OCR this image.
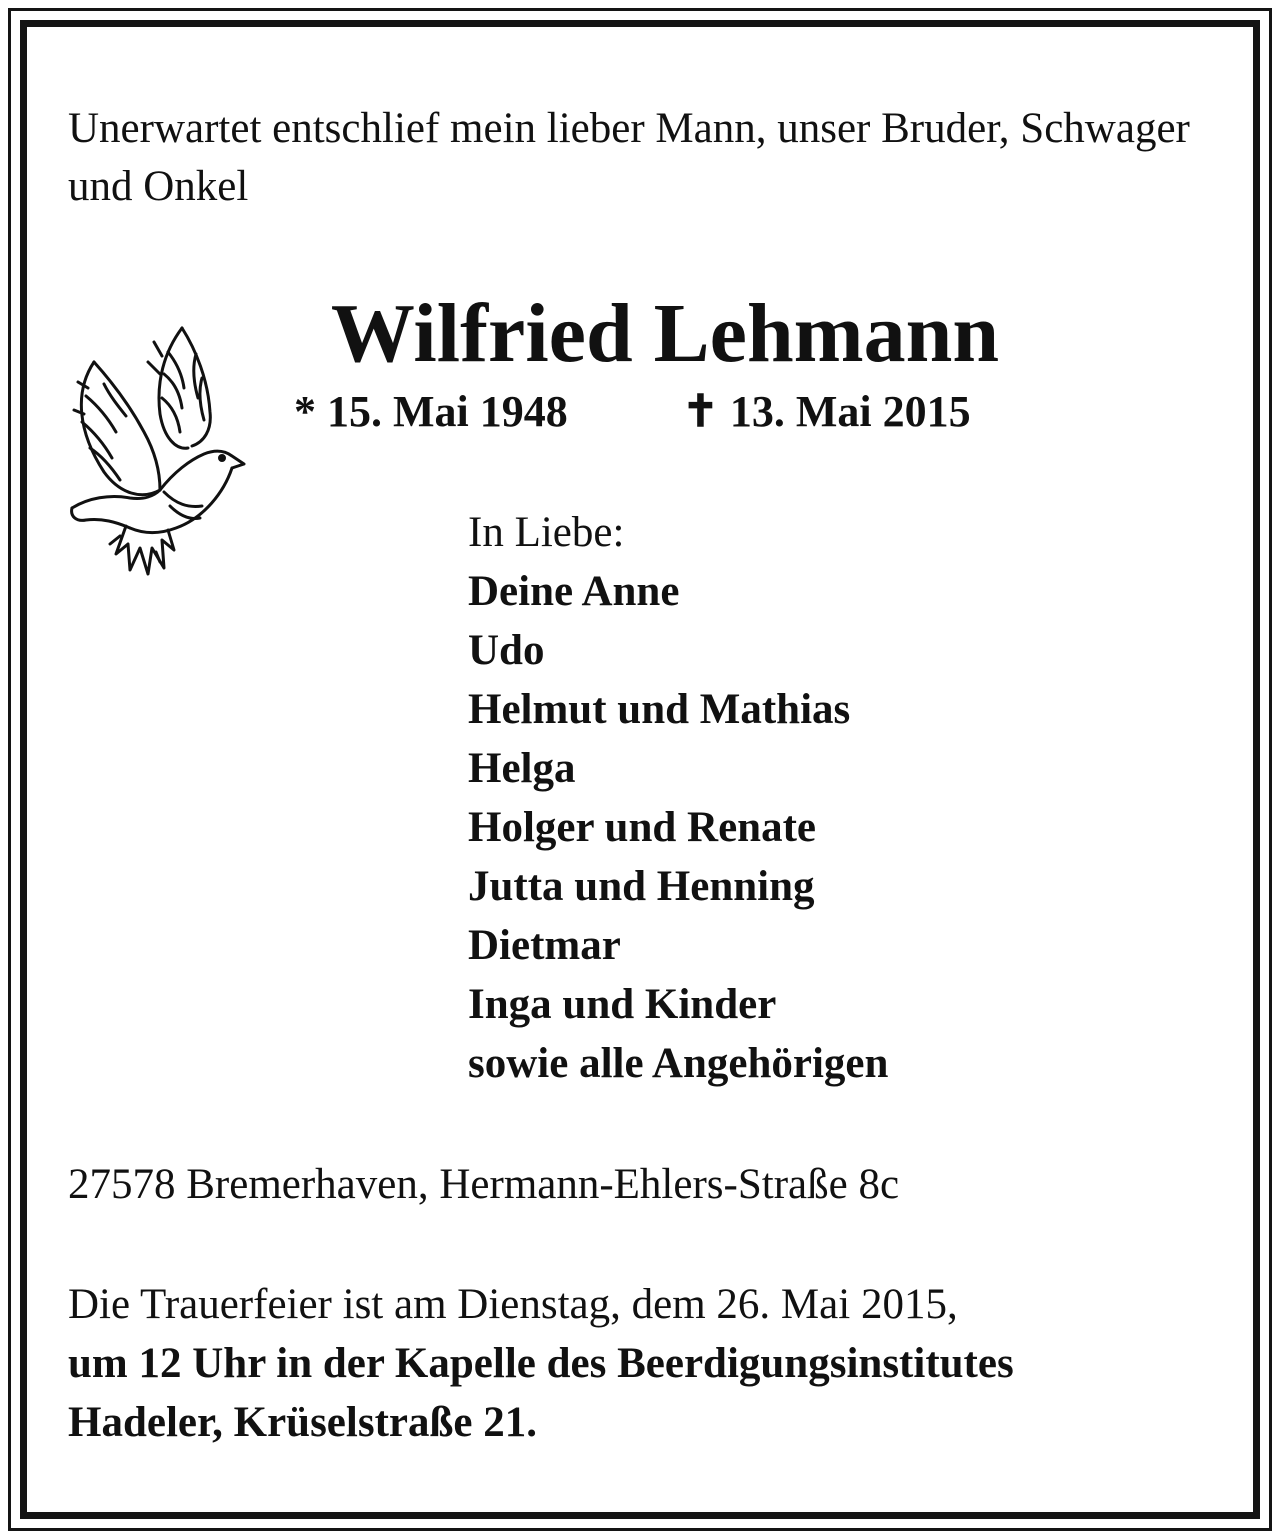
Unerwartet entschlief mein lieber Mann, unser Bruder, Schwager und Onkel

Wilfried Lehmann

* 15. Mai 1948	✝ 13. Mai 2015

In Liebe:

Deine Anne
Udo
Helmut und Mathias
Helga
Holger und Renate
Jutta und Henning
Dietmar
Inga und Kinder
sowie alle Angehörigen

27578 Bremerhaven, Hermann-Ehlers-Straße 8c

Die Trauerfeier ist am Dienstag, dem 26. Mai 2015,
um 12 Uhr in der Kapelle des Beerdigungsinstitutes
Hadeler, Krüselstraße 21.
